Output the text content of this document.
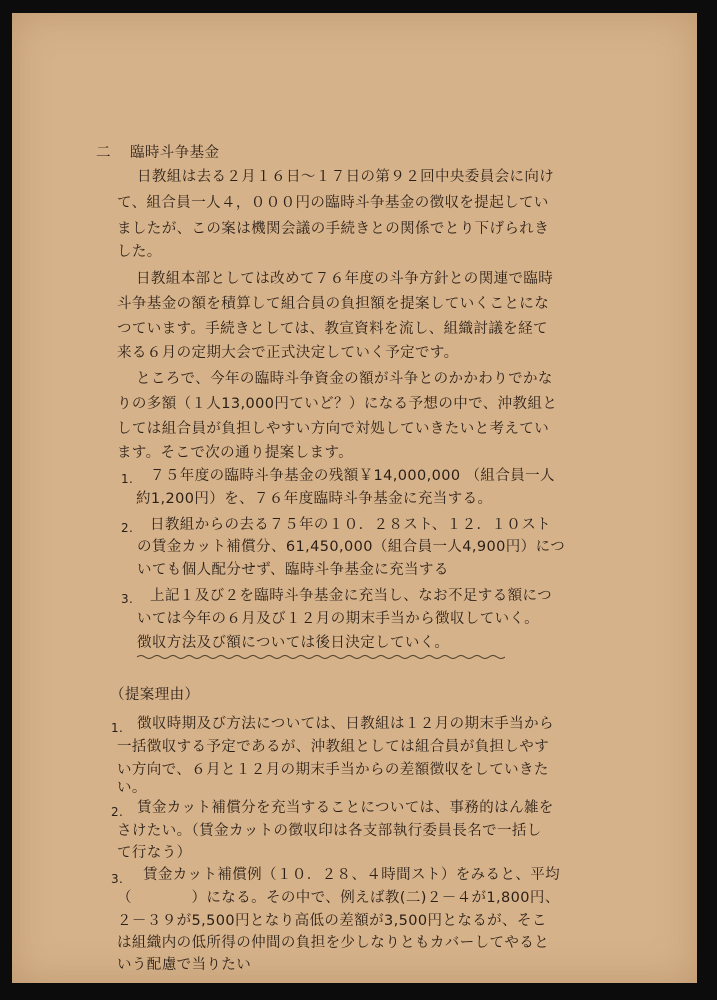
二 臨時斗争基金
日教組は去る２月１６日～１７日の第９２回中央委員会に向け
て、組合員一人４，０００円の臨時斗争基金の徴収を提起してい
ましたが、この案は機関会議の手続きとの関係でとり下げられき
した。
日教組本部としては改めて７６年度の斗争方針との関連で臨時
斗争基金の額を積算して組合員の負担額を提案していくことにな
つています。手続きとしては、教宣資料を流し、組織討議を経て
来る６月の定期大会で正式決定していく予定です。
ところで、今年の臨時斗争資金の額が斗争とのかかわりでかな
りの多額（１人13,000円ていど？）になる予想の中で、沖教組と
しては組合員が負担しやすい方向で対処していきたいと考えてい
ます。そこで次の通り提案します。
1. ７５年度の臨時斗争基金の残額￥14,000,000 （組合員一人
約1,200円）を、７６年度臨時斗争基金に充当する。
2. 日教組からの去る７５年の１０．２８スト、１２．１０スト
の賃金カット補償分、61,450,000（組合員一人4,900円）につ
いても個人配分せず、臨時斗争基金に充当する
3. 上記１及び２を臨時斗争基金に充当し、なお不足する額につ
いては今年の６月及び１２月の期末手当から徴収していく。
徴収方法及び額については後日決定していく。
（提案理由）
1. 徴収時期及び方法については、日教組は１２月の期末手当から
一括徴収する予定であるが、沖教組としては組合員が負担しやす
い方向で、６月と１２月の期末手当からの差額徴収をしていきた
い。
2. 賃金カット補償分を充当することについては、事務的はん雑を
さけたい。（賃金カットの徴収印は各支部執行委員長名で一括し
て行なう）
3. 賃金カット補償例（１０．２８、４時間スト）をみると、平均
（　　　　）になる。その中で、例えば教(二)２－４が1,800円、
２－３９が5,500円となり高低の差額が3,500円となるが、そこ
は組織内の低所得の仲間の負担を少しなりともカバーしてやると
いう配慮で当りたい
